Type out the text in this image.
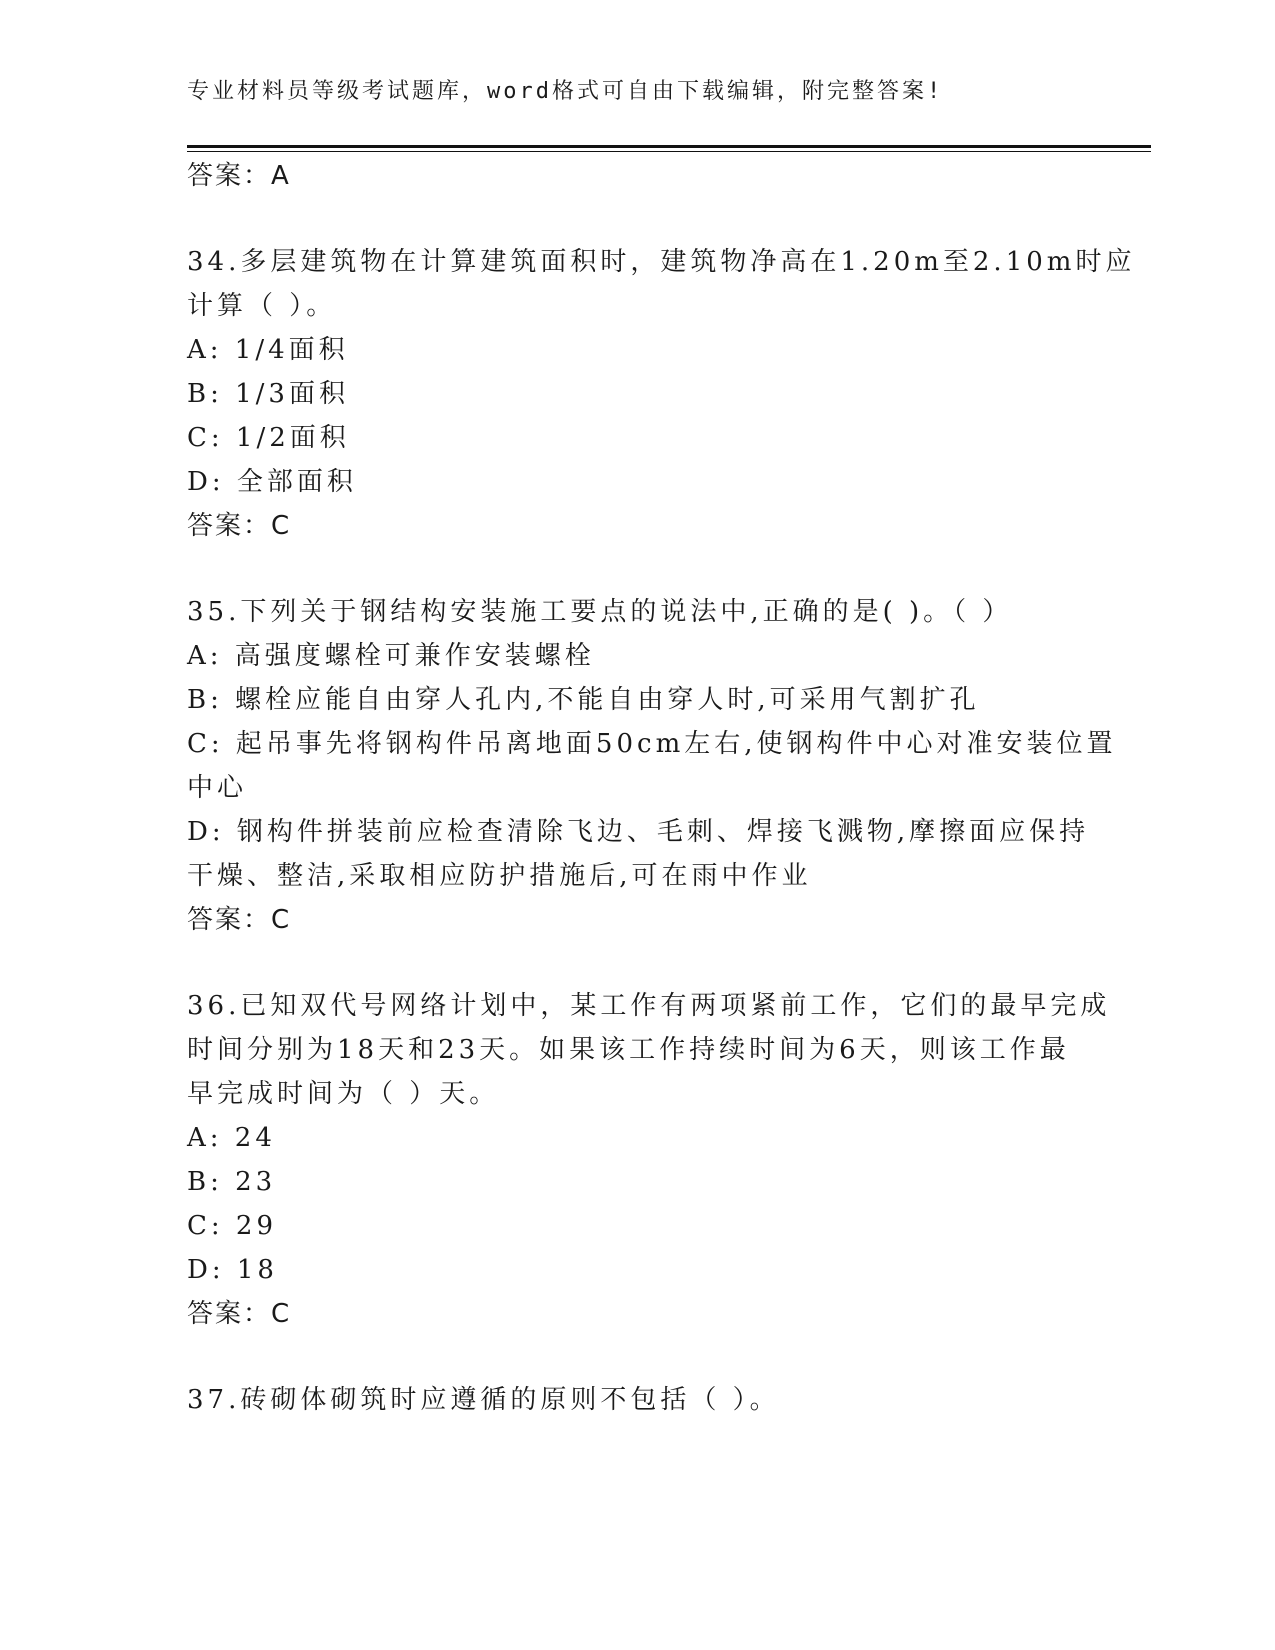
专业材料员等级考试题库，word格式可自由下载编辑，附完整答案!
答案：A
34.多层建筑物在计算建筑面积时，建筑物净高在1.20m至2.10m时应
计算（ ）。
A: 1/4面积
B: 1/3面积
C: 1/2面积
D: 全部面积
答案：C
35.下列关于钢结构安装施工要点的说法中,正确的是( )。（ ）
A: 高强度螺栓可兼作安装螺栓
B: 螺栓应能自由穿人孔内,不能自由穿人时,可采用气割扩孔
C: 起吊事先将钢构件吊离地面50cm左右,使钢构件中心对准安装位置
中心
D: 钢构件拼装前应检查清除飞边、毛刺、焊接飞溅物,摩擦面应保持
干燥、整洁,采取相应防护措施后,可在雨中作业
答案：C
36.已知双代号网络计划中，某工作有两项紧前工作，它们的最早完成
时间分别为18天和23天。如果该工作持续时间为6天，则该工作最
早完成时间为（ ）天。
A: 24
B: 23
C: 29
D: 18
答案：C
37.砖砌体砌筑时应遵循的原则不包括（ ）。
